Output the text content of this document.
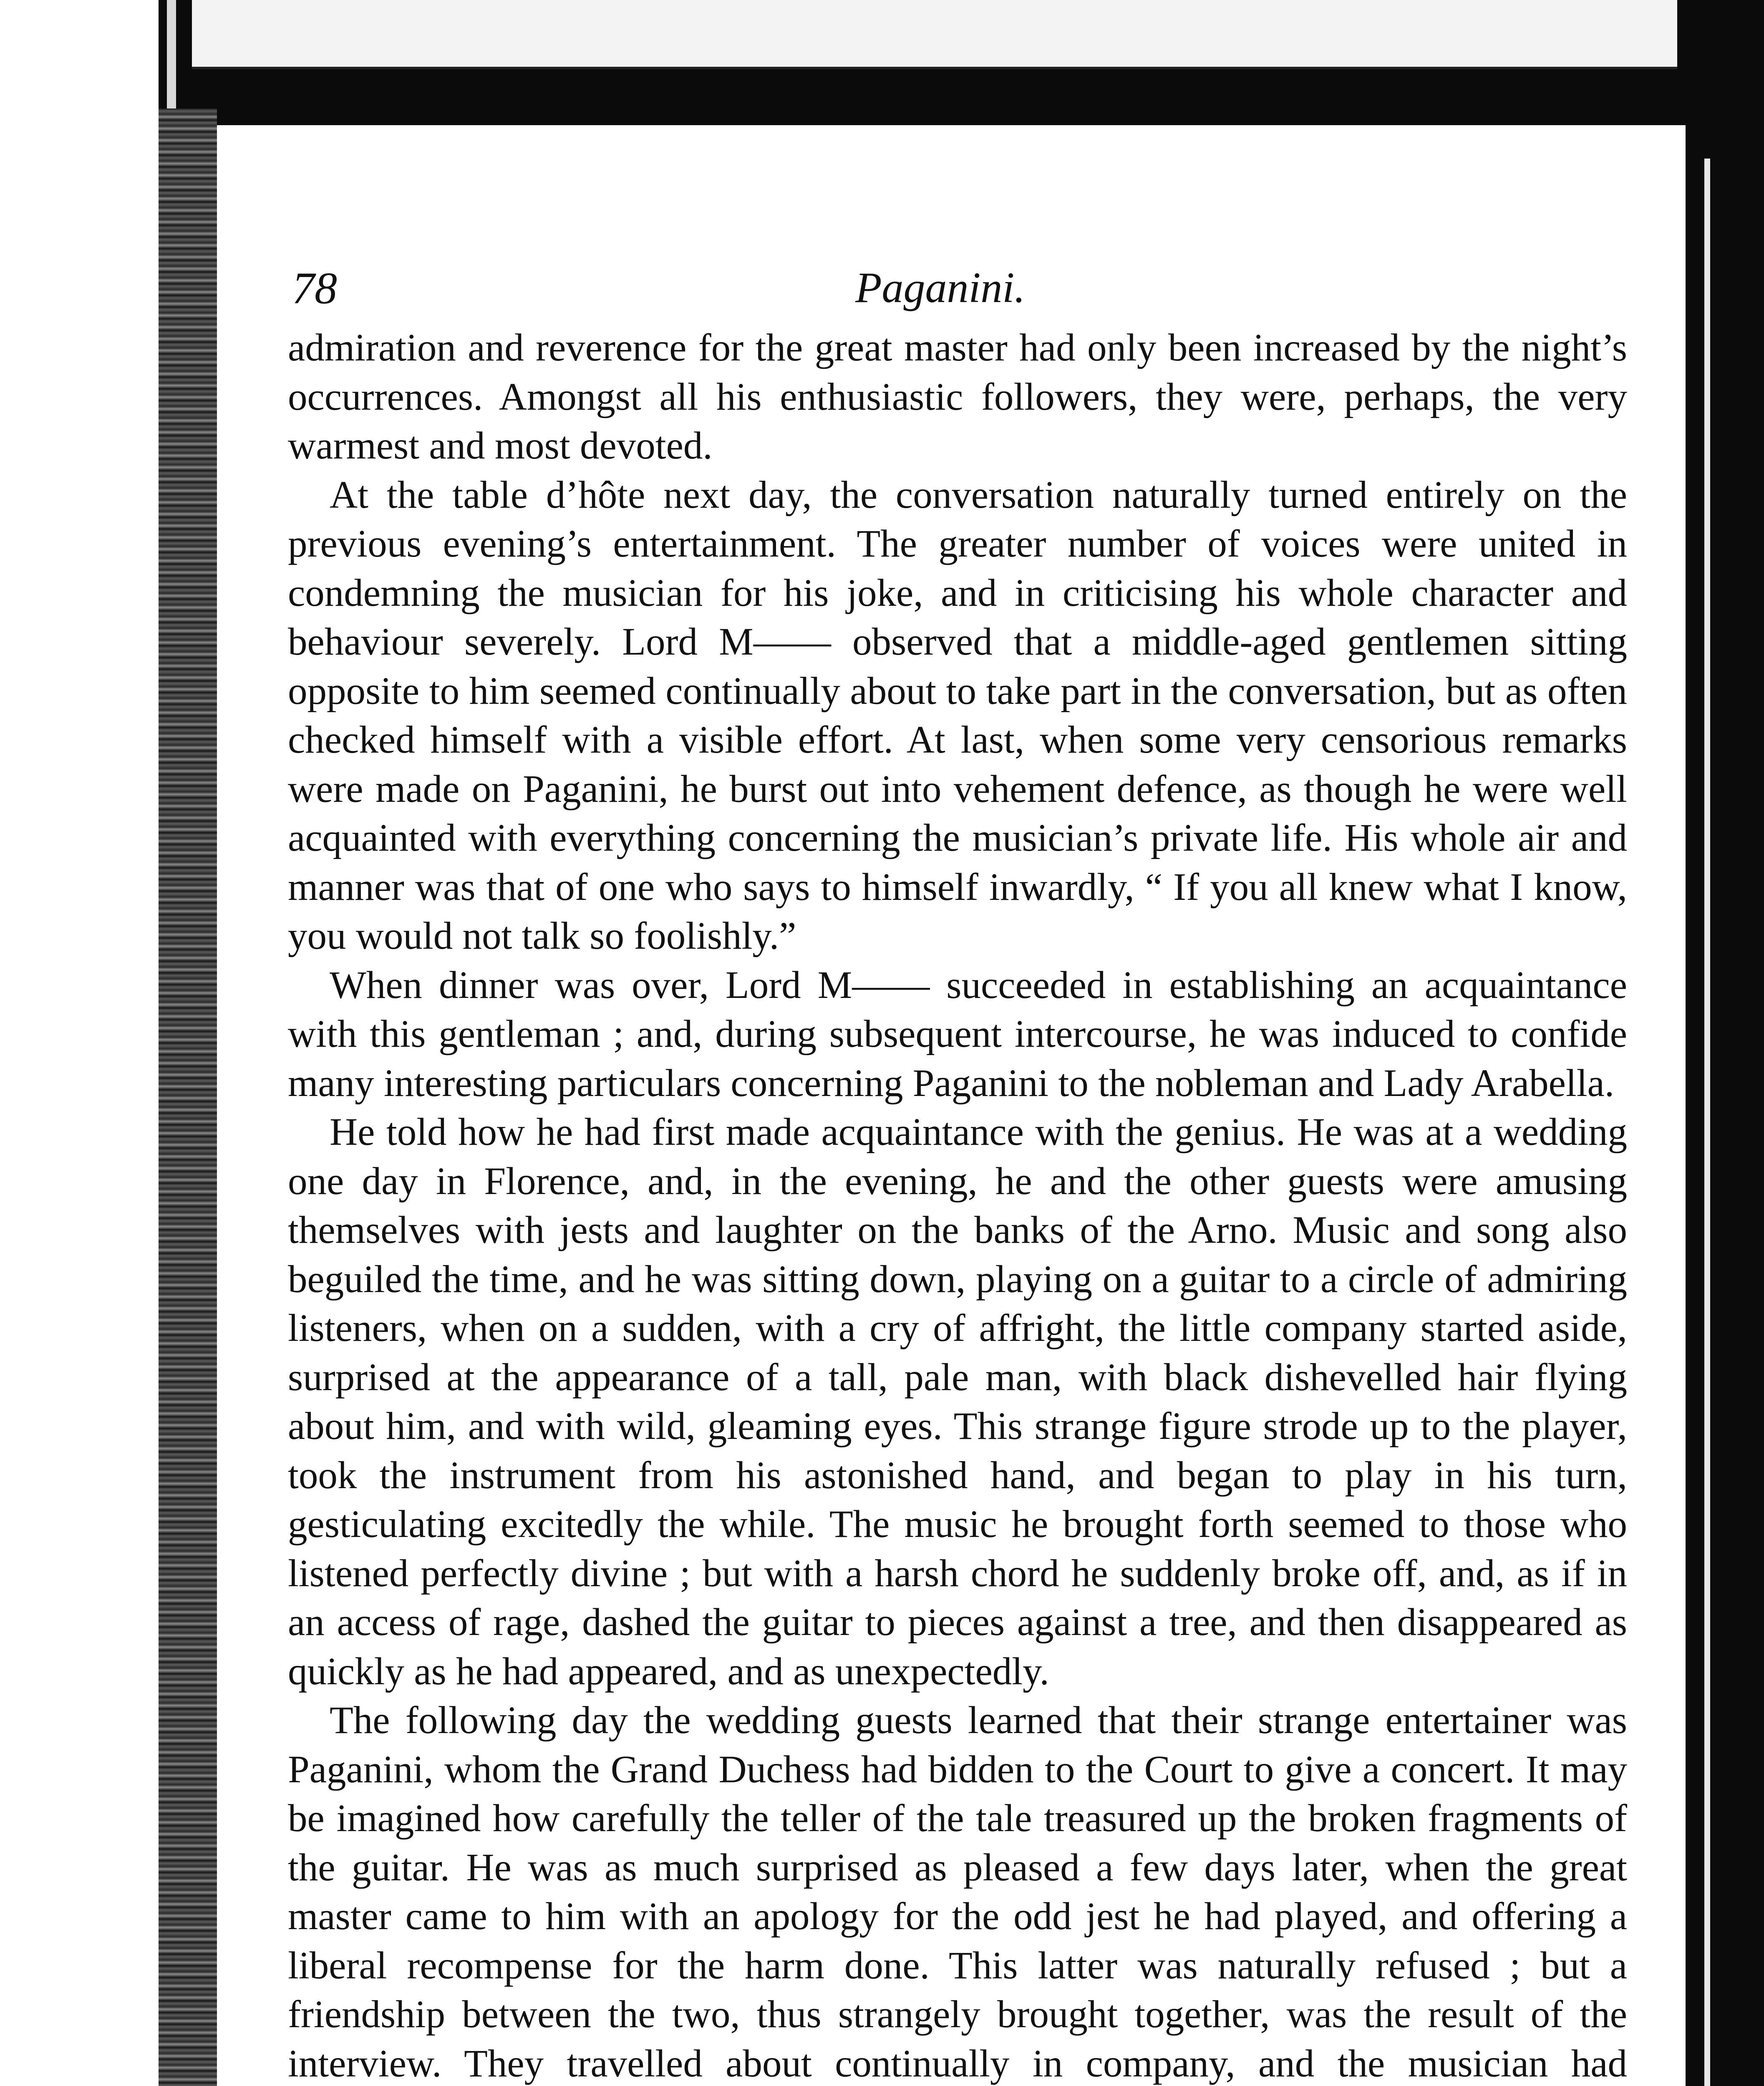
78	Paganini.

admiration and reverence for the great master had only been increased by the night’s occurrences. Amongst all his enthusiastic followers, they were, perhaps, the very warmest and most devoted.

At the table d’hôte next day, the conversation naturally turned entirely on the previous evening’s entertainment. The greater number of voices were united in condemning the musician for his joke, and in criticising his whole character and behaviour severely. Lord M—— observed that a middle-aged gentlemen sitting opposite to him seemed continually about to take part in the conversation, but as often checked himself with a visible effort. At last, when some very censorious remarks were made on Paganini, he burst out into vehement defence, as though he were well acquainted with everything concerning the musician’s private life. His whole air and manner was that of one who says to himself inwardly, “ If you all knew what I know, you would not talk so foolishly.”

When dinner was over, Lord M—— succeeded in establishing an acquaintance with this gentleman ; and, during subsequent intercourse, he was induced to confide many interesting particulars concerning Paganini to the nobleman and Lady Arabella.

He told how he had first made acquaintance with the genius. He was at a wedding one day in Florence, and, in the evening, he and the other guests were amusing themselves with jests and laughter on the banks of the Arno. Music and song also beguiled the time, and he was sitting down, playing on a guitar to a circle of admiring listeners, when on a sudden, with a cry of affright, the little company started aside, surprised at the appearance of a tall, pale man, with black dishevelled hair flying about him, and with wild, gleaming eyes. This strange figure strode up to the player, took the instrument from his astonished hand, and began to play in his turn, gesticulating excitedly the while. The music he brought forth seemed to those who listened perfectly divine ; but with a harsh chord he suddenly broke off, and, as if in an access of rage, dashed the guitar to pieces against a tree, and then disappeared as quickly as he had appeared, and as unexpectedly.

The following day the wedding guests learned that their strange entertainer was Paganini, whom the Grand Duchess had bidden to the Court to give a concert. It may be imagined how carefully the teller of the tale treasured up the broken fragments of the guitar. He was as much surprised as pleased a few days later, when the great master came to him with an apology for the odd jest he had played, and offering a liberal recompense for the harm done. This latter was naturally refused ; but a friendship between the two, thus strangely brought together, was the result of the interview. They travelled about continually in company, and the musician had
